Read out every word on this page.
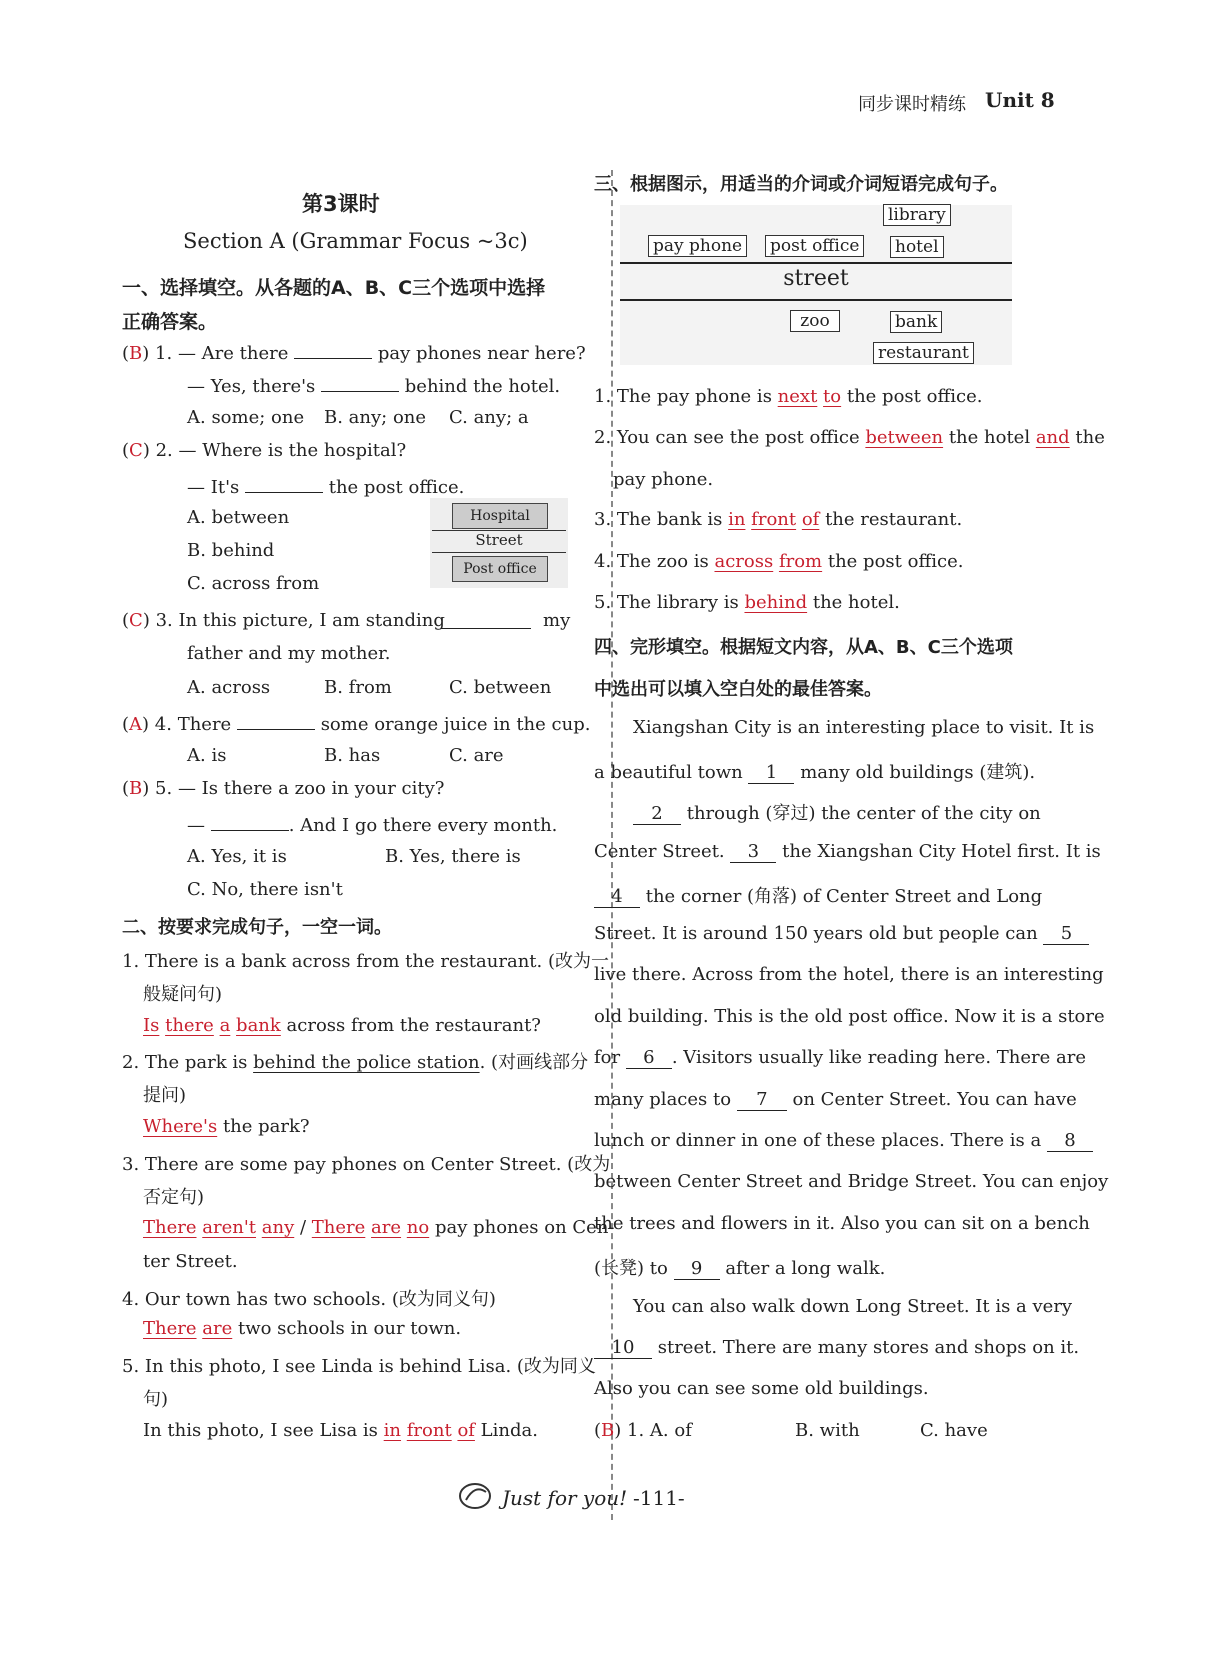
同步课时精练 Unit 8
第3课时
Section A (Grammar Focus ~3c)
一、选择填空。从各题的A、B、C三个选项中选择
正确答案。
(B) 1. — Are there	pay phones near here?
— Yes, there's	behind the hotel.
A. some; one B. any; one C. any; a
(C) 2. — Where is the hospital?
— It's	the post office.
A. between
B. behind
C. across from
Hospital
Street
Post office
(C) 3. In this picture, I am standing	my
father and my mother.
A. across	B. from	C. between
(A) 4. There	some orange juice in the cup.
A. is	B. has	C. are
(B) 5. — Is there a zoo in your city?
—	. And I go there every month.
A. Yes, it is	B. Yes, there is
C. No, there isn't
二、按要求完成句子，一空一词。
1. There is a bank across from the restaurant. (改为一
般疑问句)
Is there a bank across from the restaurant?
2. The park is behind the police station. (对画线部分
提问)
Where's the park?
3. There are some pay phones on Center Street. (改为
否定句)
There aren't any / There are no pay phones on Cen-
ter Street.
4. Our town has two schools. (改为同义句)
There are two schools in our town.
5. In this photo, I see Linda is behind Lisa. (改为同义
句)
In this photo, I see Lisa is in front of Linda.
三、根据图示，用适当的介词或介词短语完成句子。
library
pay phone post office hotel
street
zoo	bank
restaurant
1. The pay phone is next to the post office.
2. You can see the post office between the hotel and the
pay phone.
3. The bank is in front of the restaurant.
4. The zoo is across from the post office.
5. The library is behind the hotel.
四、完形填空。根据短文内容，从A、B、C三个选项
中选出可以填入空白处的最佳答案。
Xiangshan City is an interesting place to visit. It is
a beautiful town 1 many old buildings (建筑).
2 through (穿过) the center of the city on
Center Street. 3 the Xiangshan City Hotel first. It is
4 the corner (角落) of Center Street and Long
Street. It is around 150 years old but people can 5
live there. Across from the hotel, there is an interesting
old building. This is the old post office. Now it is a store
for 6 . Visitors usually like reading here. There are
many places to 7 on Center Street. You can have
lunch or dinner in one of these places. There is a 8
between Center Street and Bridge Street. You can enjoy
the trees and flowers in it. Also you can sit on a bench
(长凳) to 9 after a long walk.
You can also walk down Long Street. It is a very
10 street. There are many stores and shops on it.
Also you can see some old buildings.
(B) 1. A. of	B. with	C. have
Just for you! -111-
